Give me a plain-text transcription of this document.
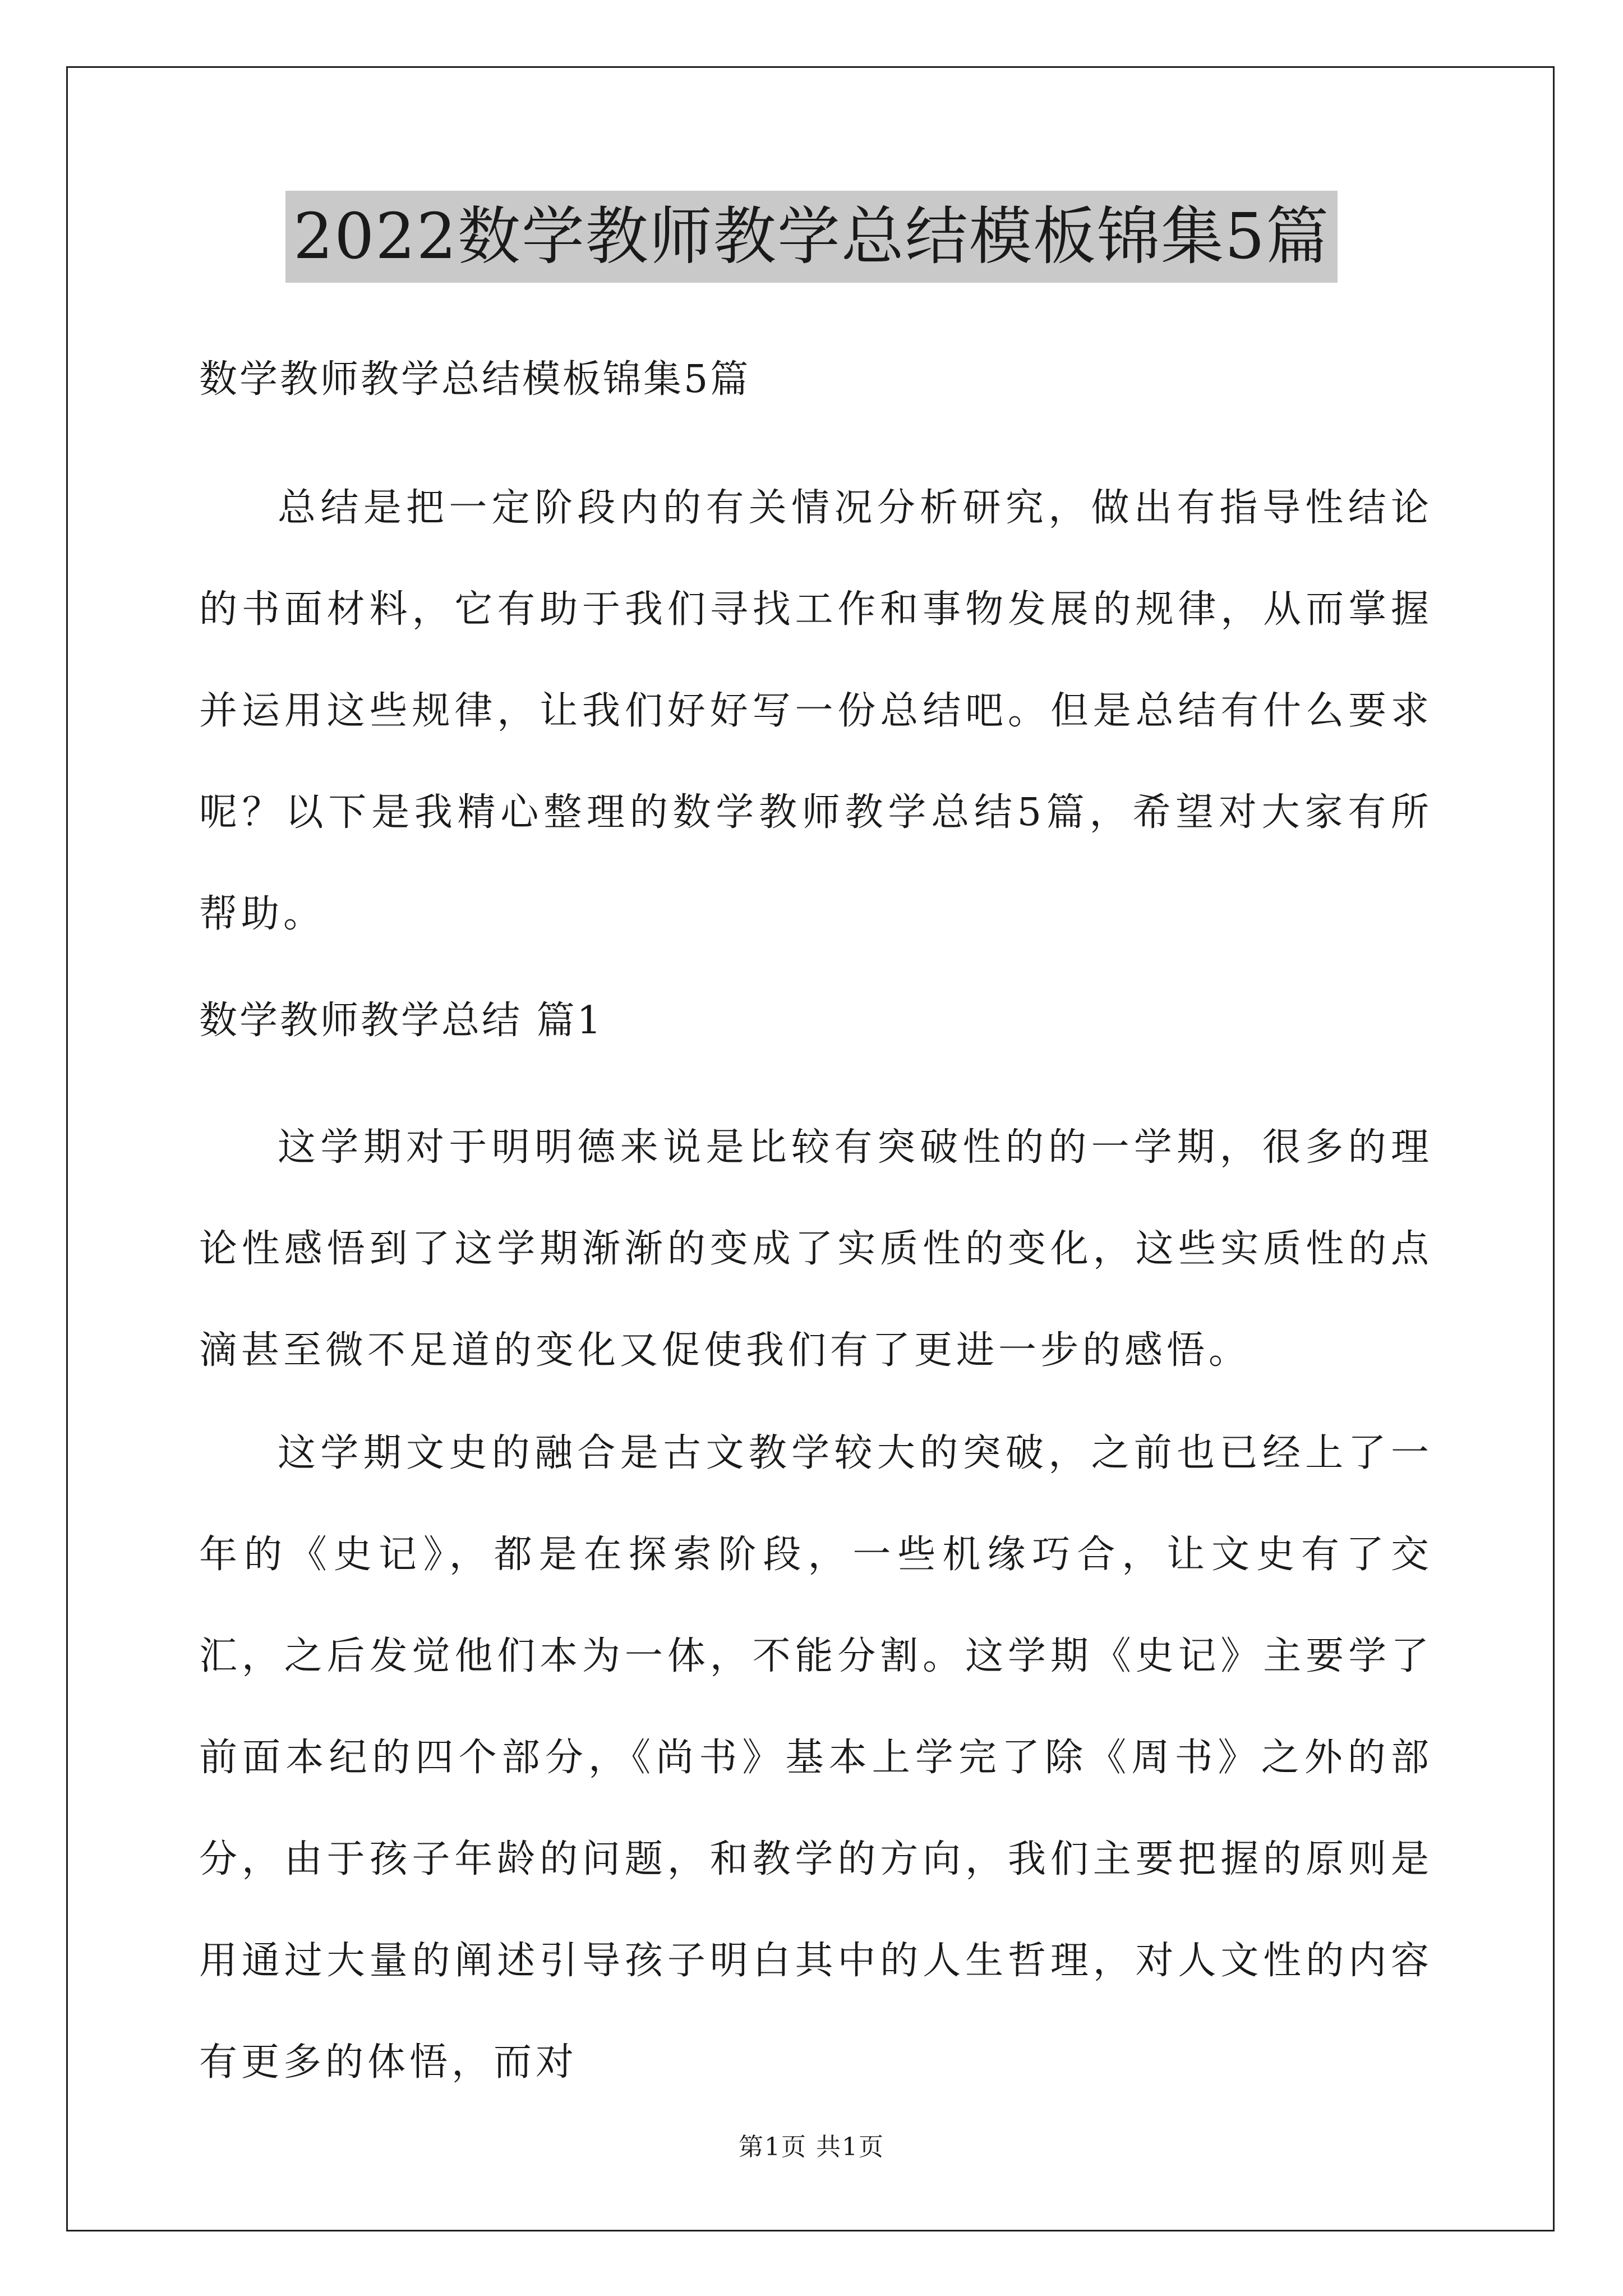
2022数学教师教学总结模板锦集5篇
数学教师教学总结模板锦集5篇

总结是把一定阶段内的有关情况分析研究，做出有指导性结论的书面材料，它有助于我们寻找工作和事物发展的规律，从而掌握并运用这些规律，让我们好好写一份总结吧。但是总结有什么要求呢？以下是我精心整理的数学教师教学总结5篇，希望对大家有所帮助。

数学教师教学总结 篇1

这学期对于明明德来说是比较有突破性的的一学期，很多的理论性感悟到了这学期渐渐的变成了实质性的变化，这些实质性的点滴甚至微不足道的变化又促使我们有了更进一步的感悟。

这学期文史的融合是古文教学较大的突破，之前也已经上了一年的《史记》，都是在探索阶段，一些机缘巧合，让文史有了交汇，之后发觉他们本为一体，不能分割。这学期《史记》主要学了前面本纪的四个部分，《尚书》基本上学完了除《周书》之外的部分，由于孩子年龄的问题，和教学的方向，我们主要把握的原则是用通过大量的阐述引导孩子明白其中的人生哲理，对人文性的内容有更多的体悟，而对

第1页 共1页
